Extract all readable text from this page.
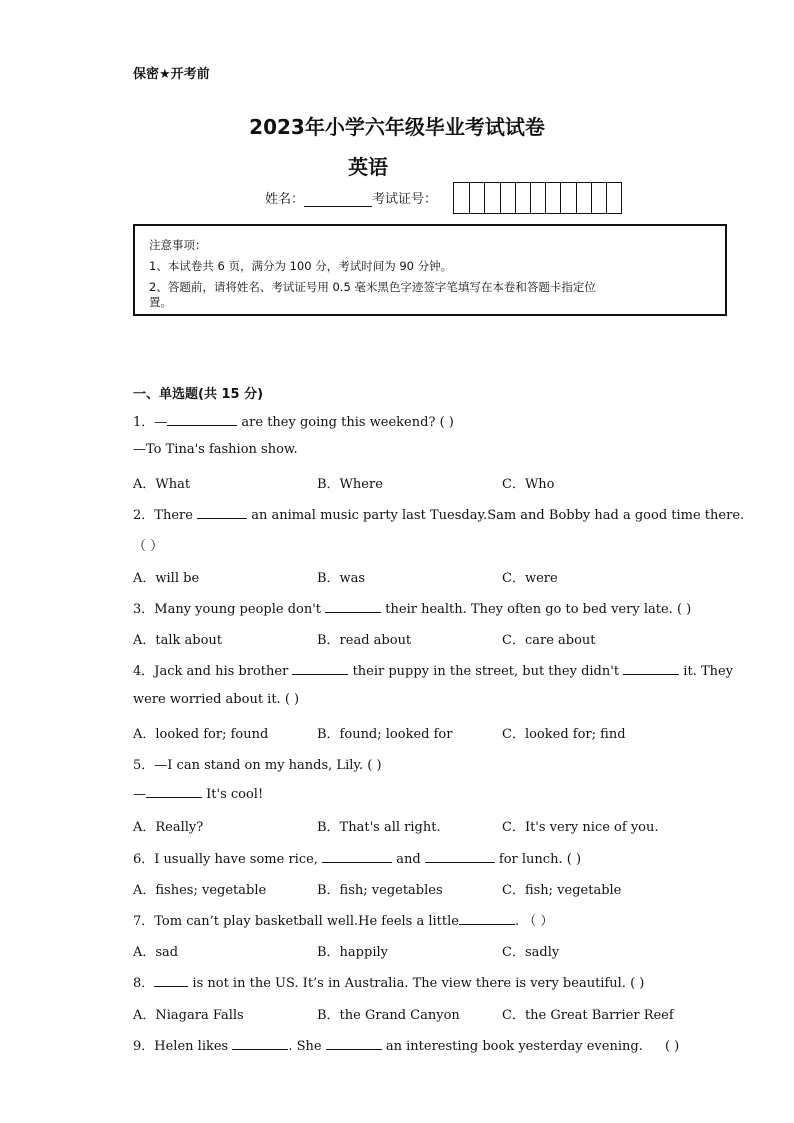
保密★开考前
2023年小学六年级毕业考试试卷
英语
姓名：	考试证号：
注意事项：
1、本试卷共 6 页，满分为 100 分，考试时间为 90 分钟。
2、答题前，请将姓名、考试证号用 0.5 毫米黑色字迹签字笔填写在本卷和答题卡指定位
置。
一、单选题(共 15 分)
1．—	are they going this weekend? ( )
—To Tina's fashion show.
A．What	B．Where	C．Who
2．There	an animal music party last Tuesday.Sam and Bobby had a good time there.
（ ）
A．will be	B．was	C．were
3．Many young people don't	their health. They often go to bed very late. ( )
A．talk about	B．read about	C．care about
4．Jack and his brother	their puppy in the street, but they didn't	it. They
were worried about it. ( )
A．looked for; found	B．found; looked for	C．looked for; find
5．—I can stand on my hands, Lily. ( )
—	It's cool!
A．Really?	B．That's all right.	C．It's very nice of you.
6．I usually have some rice,	and	for lunch. ( )
A．fishes; vegetable	B．fish; vegetables	C．fish; vegetable
7．Tom can’t play basketball well.He feels a little	. （ ）
A．sad	B．happily	C．sadly
8．	is not in the US. It’s in Australia. The view there is very beautiful. ( )
A．Niagara Falls	B．the Grand Canyon	C．the Great Barrier Reef
9．Helen likes	. She	an interesting book yesterday evening. ( )
